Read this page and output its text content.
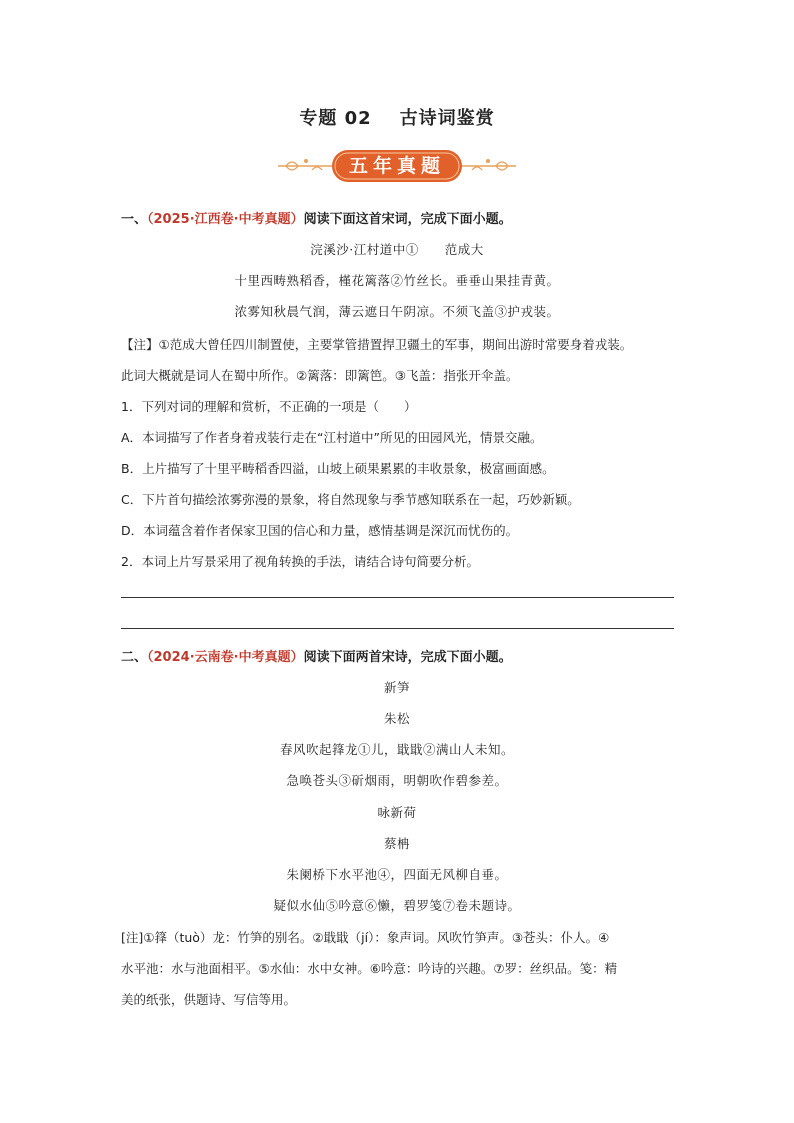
专题 02 古诗词鉴赏
五年真题
一、（2025·江西卷·中考真题）阅读下面这首宋词，完成下面小题。
浣溪沙·江村道中①　　范成大
十里西畴熟稻香，槿花篱落②竹丝长。垂垂山果挂青黄。
浓雾知秋晨气润，薄云遮日午阴凉。不须飞盖③护戎装。
【注】①范成大曾任四川制置使，主要掌管措置捍卫疆土的军事，期间出游时常要身着戎装。
此词大概就是词人在蜀中所作。②篱落：即篱笆。③飞盖：指张开伞盖。
1．下列对词的理解和赏析，不正确的一项是（　　）
A．本词描写了作者身着戎装行走在“江村道中”所见的田园风光，情景交融。
B．上片描写了十里平畴稻香四溢，山坡上硕果累累的丰收景象，极富画面感。
C．下片首句描绘浓雾弥漫的景象，将自然现象与季节感知联系在一起，巧妙新颖。
D．本词蕴含着作者保家卫国的信心和力量，感情基调是深沉而忧伤的。
2．本词上片写景采用了视角转换的手法，请结合诗句简要分析。
二、（2024·云南卷·中考真题）阅读下面两首宋诗，完成下面小题。
新笋
朱松
春风吹起箨龙①儿，戢戢②满山人未知。
急唤苍头③斫烟雨，明朝吹作碧参差。
咏新荷
蔡柟
朱阑桥下水平池④，四面无风柳自垂。
疑似水仙⑤吟意⑥懒，碧罗笺⑦卷未题诗。
[注]①箨（tuò）龙：竹笋的别名。②戢戢（jí）：象声词。风吹竹笋声。③苍头：仆人。④
水平池：水与池面相平。⑤水仙：水中女神。⑥吟意：吟诗的兴趣。⑦罗：丝织品。笺：精
美的纸张，供题诗、写信等用。
